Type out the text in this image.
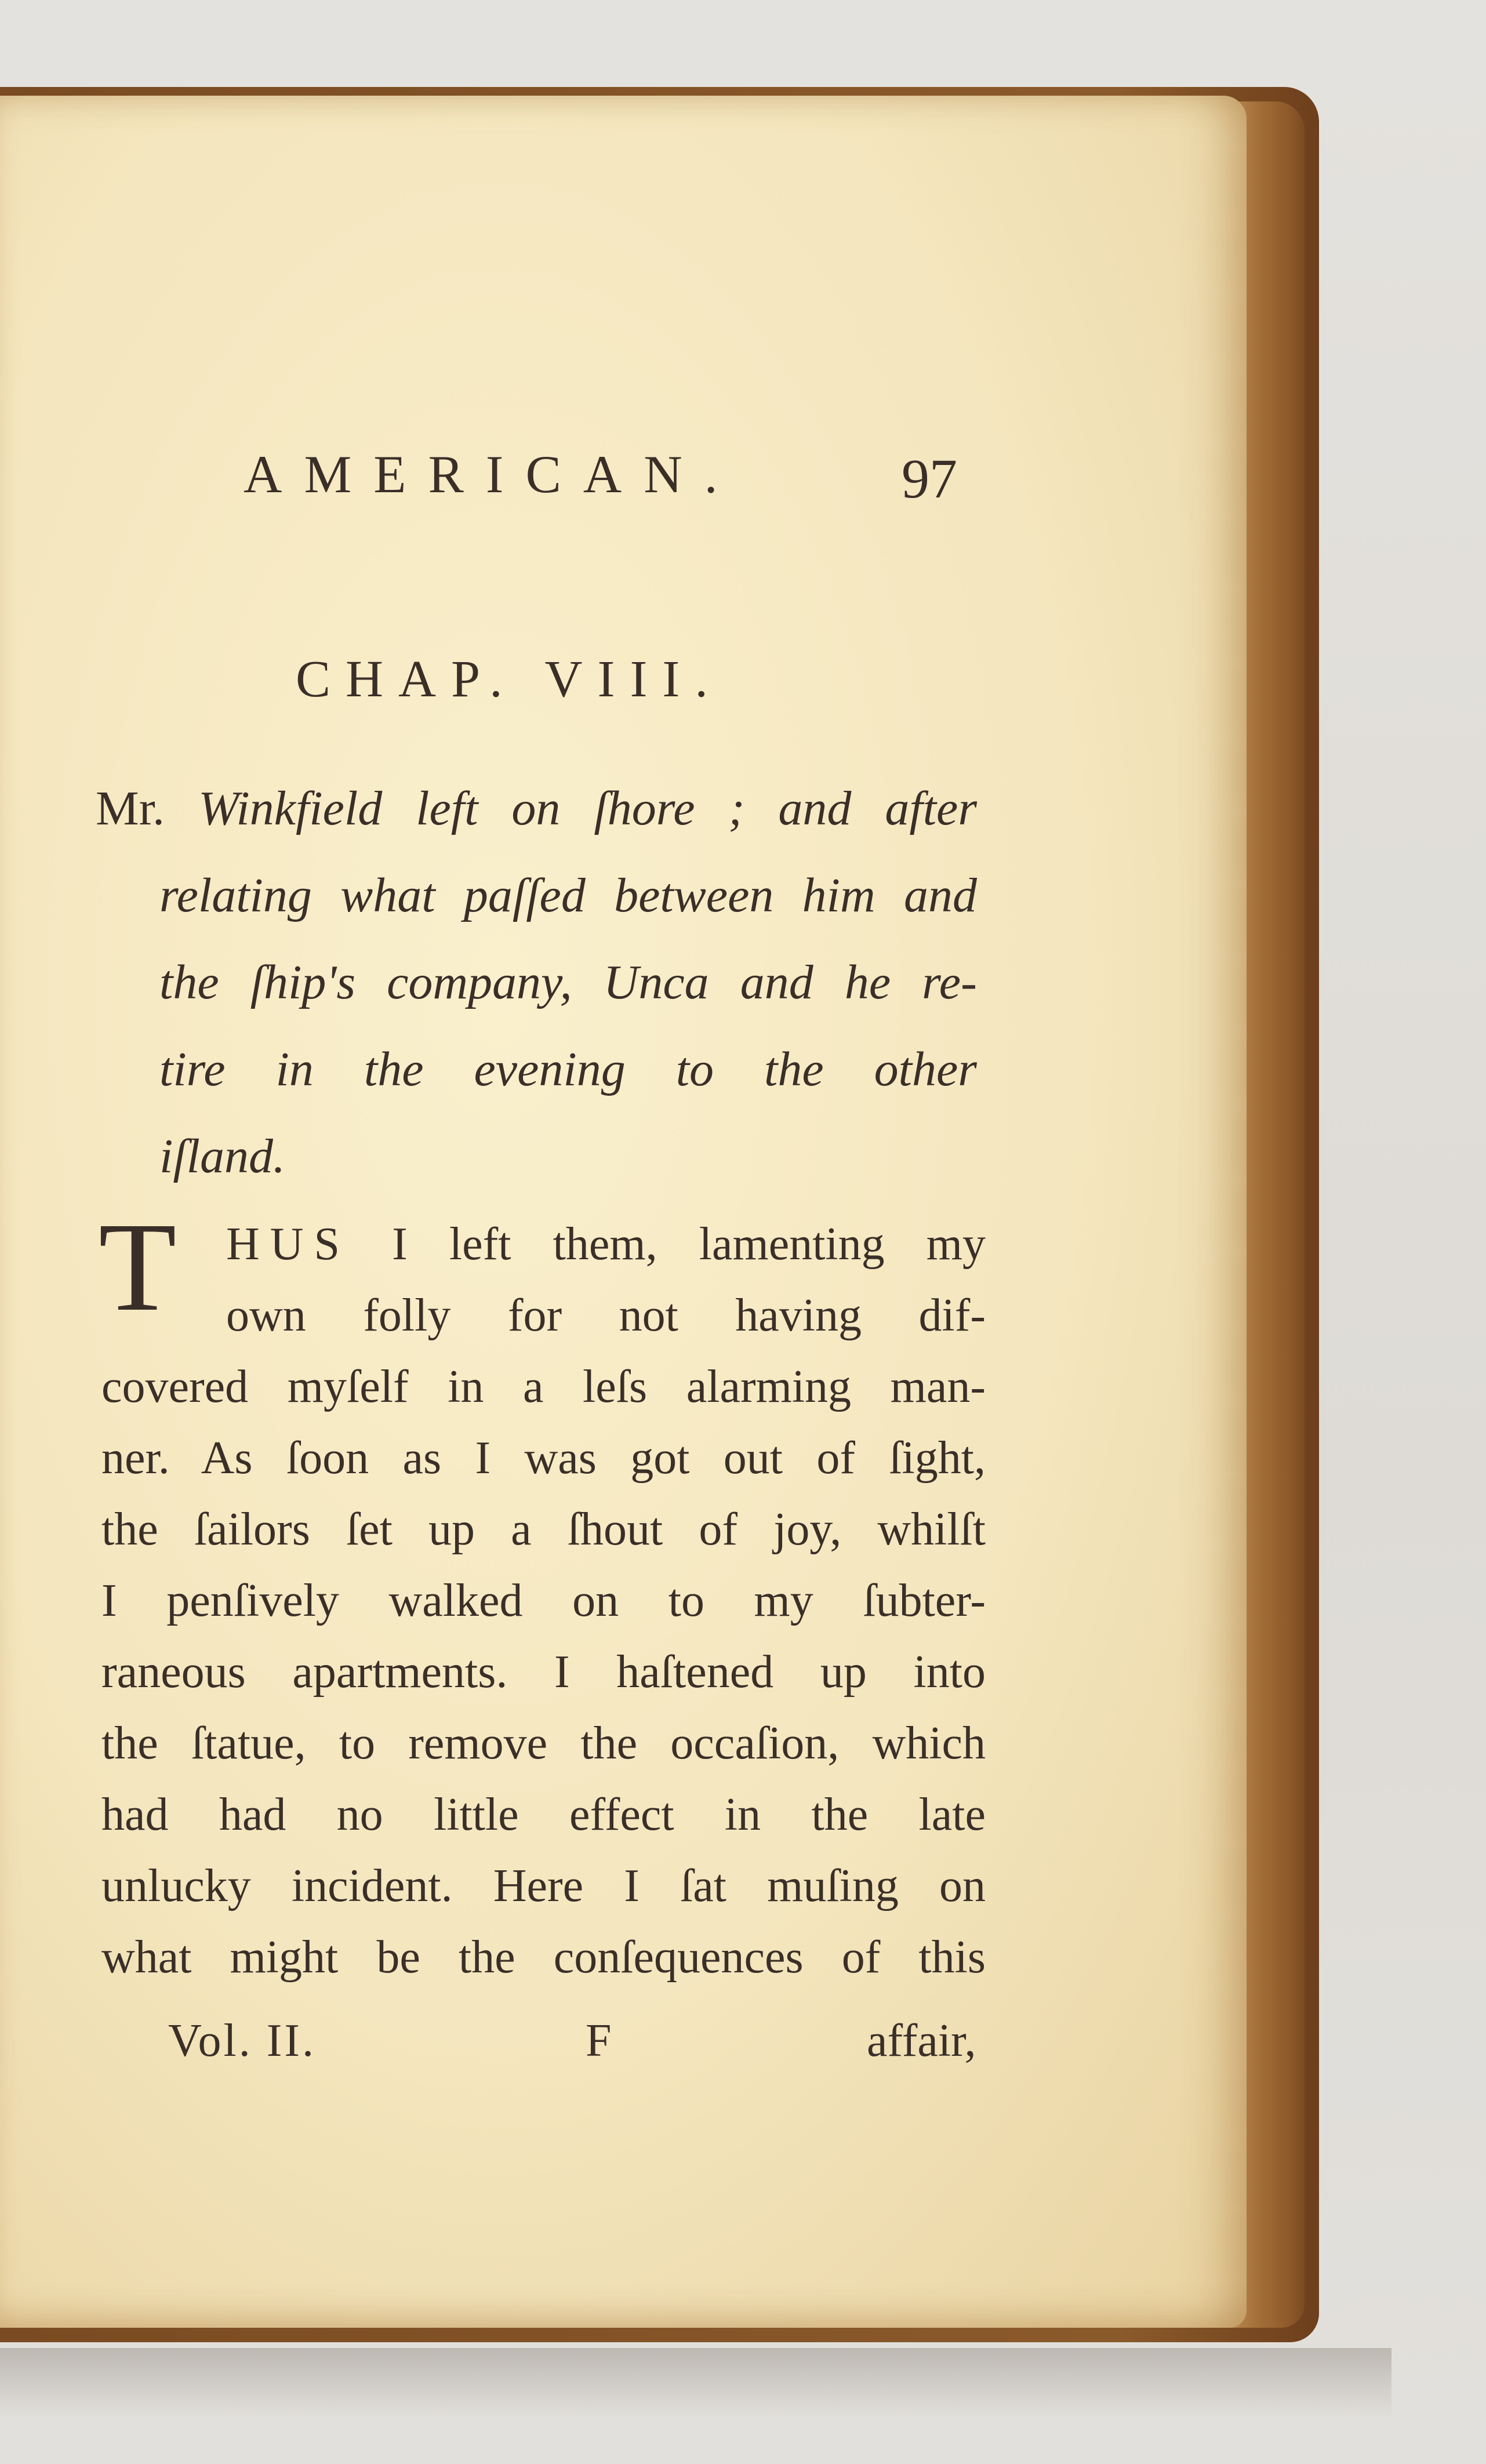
AMERICAN.	97
CHAP. VIII.
Mr. Winkfield left on ſhore ; and after
relating what paſſed between him and
the ſhip's company, Unca and he re-
tire in the evening to the other
iſland.
T	HUS I left them, lamenting my
own folly for not having dif-
covered myſelf in a leſs alarming man-
ner. As ſoon as I was got out of ſight,
the ſailors ſet up a ſhout of joy, whilſt
I penſively walked on to my ſubter-
raneous apartments. I haſtened up into
the ſtatue, to remove the occaſion, which
had had no little effect in the late
unlucky incident. Here I ſat muſing on
what might be the conſequences of this
Vol. II.	F	affair,
